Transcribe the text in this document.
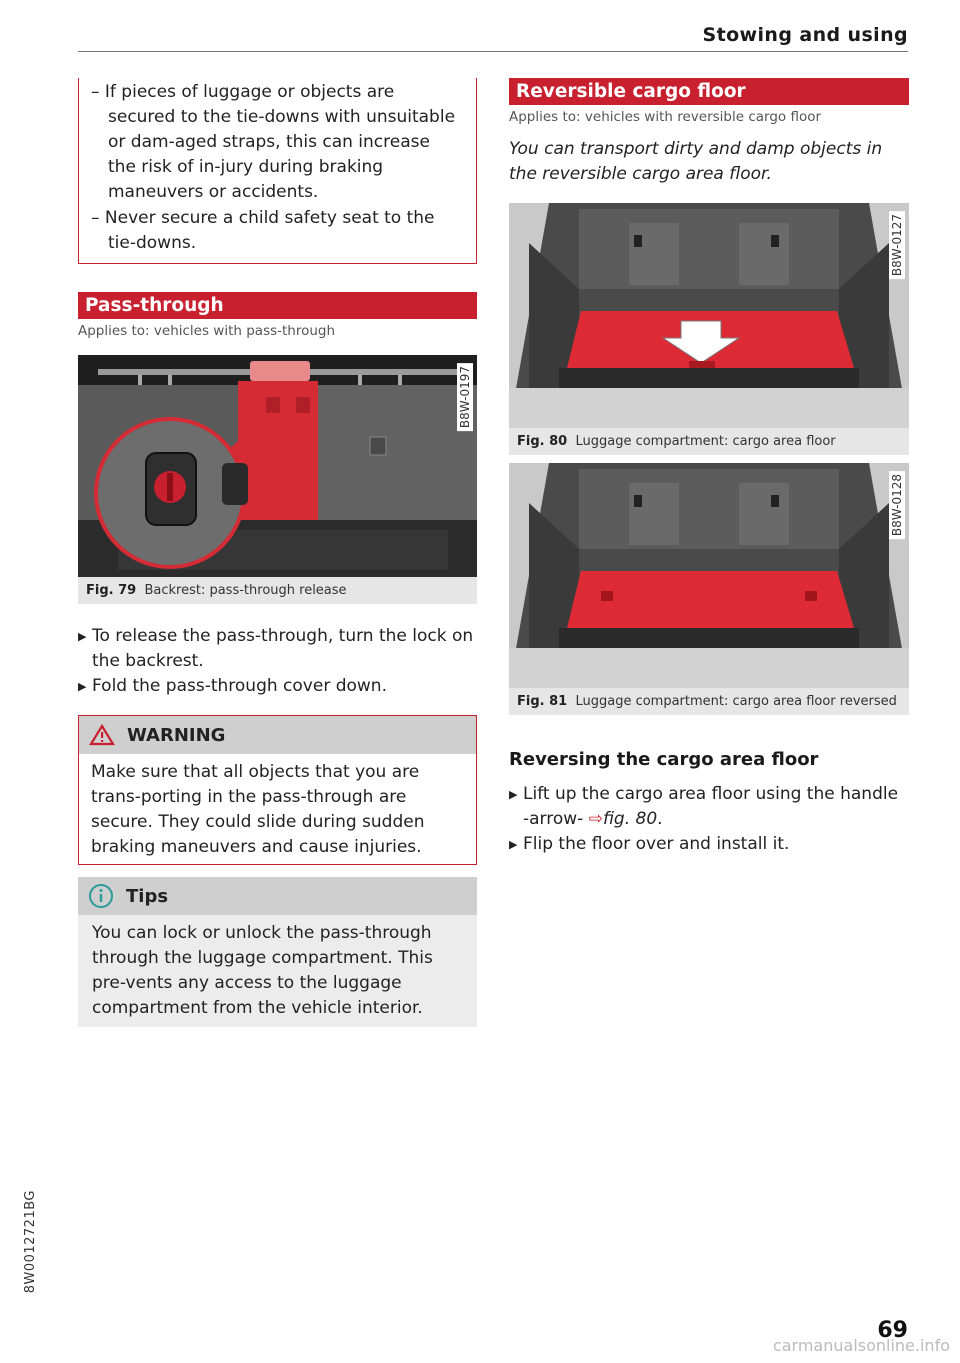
Stowing and using

– If pieces of luggage or objects are secured to the tie-downs with unsuitable or dam-aged straps, this can increase the risk of in-jury during braking maneuvers or accidents.

– Never secure a child safety seat to the tie-downs.

Pass-through
Applies to: vehicles with pass-through
B8W-0197
Fig. 79 Backrest: pass-through release
▶ To release the pass-through, turn the lock on the backrest.
▶ Fold the pass-through cover down.
WARNING
Make sure that all objects that you are trans-porting in the pass-through are secure. They could slide during sudden braking maneuvers and cause injuries.
Tips
You can lock or unlock the pass-through through the luggage compartment. This pre-vents any access to the luggage compartment from the vehicle interior.
Reversible cargo floor
Applies to: vehicles with reversible cargo floor
You can transport dirty and damp objects in the reversible cargo area floor.
B8W-0127
Fig. 80 Luggage compartment: cargo area floor
B8W-0128
Fig. 81 Luggage compartment: cargo area floor reversed
Reversing the cargo area floor
▶ Lift up the cargo area floor using the handle -arrow- ⇨fig. 80.
▶ Flip the floor over and install it.
8W0012721BG
69
carmanualsonline.info
